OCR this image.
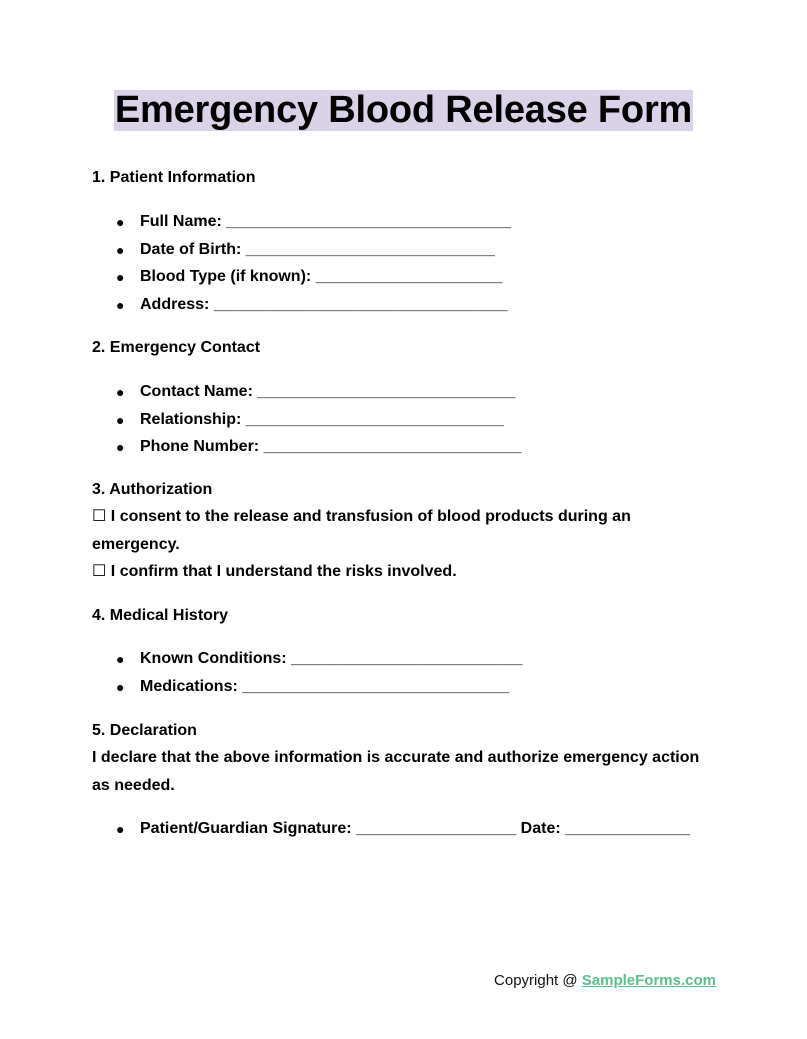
Emergency Blood Release Form
1. Patient Information
● Full Name: ________________________________
● Date of Birth: ____________________________
● Blood Type (if known): _____________________
● Address: _________________________________
2. Emergency Contact
● Contact Name: _____________________________
● Relationship: _____________________________
● Phone Number: _____________________________
3. Authorization
☐ I consent to the release and transfusion of blood products during an emergency.
☐ I confirm that I understand the risks involved.
4. Medical History
● Known Conditions: __________________________
● Medications: ______________________________
5. Declaration
I declare that the above information is accurate and authorize emergency action as needed.
● Patient/Guardian Signature: __________________ Date: ______________
Copyright @ SampleForms.com
